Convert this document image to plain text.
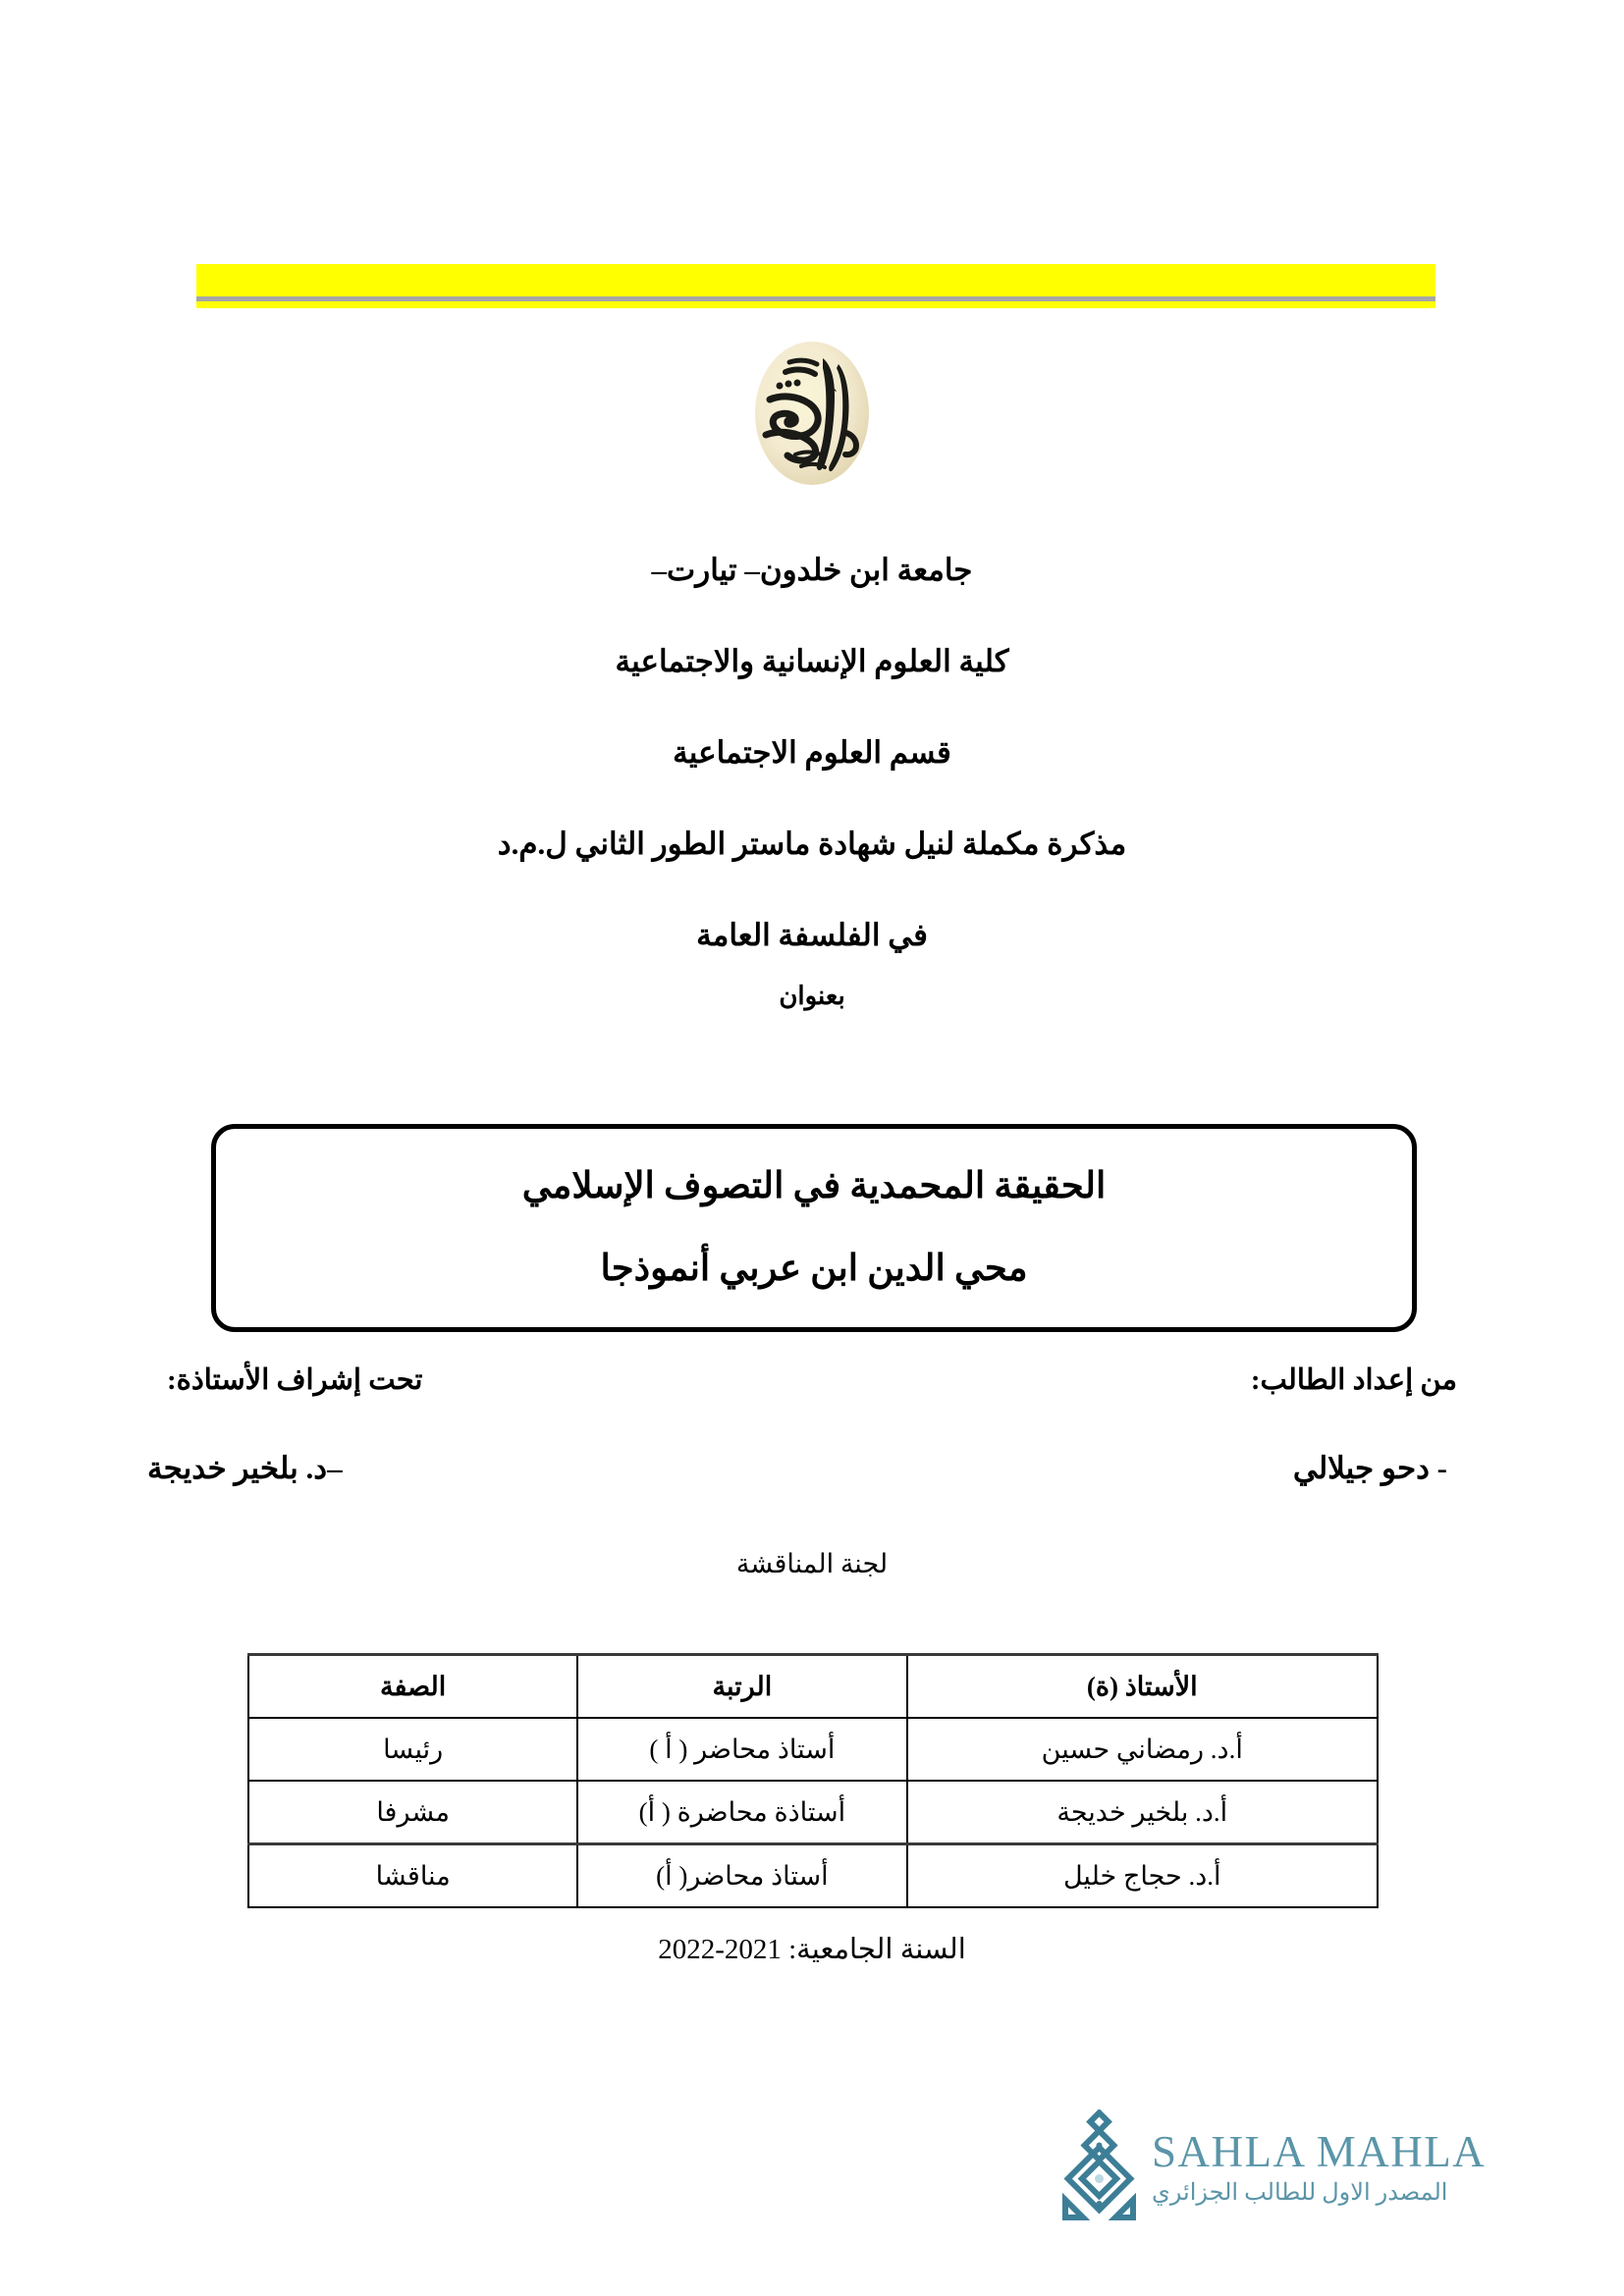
جامعة ابن خلدون– تيارت–
كلية العلوم الإنسانية والاجتماعية
قسم العلوم الاجتماعية
مذكرة مكملة لنيل شهادة ماستر الطور الثاني ل.م.د
في الفلسفة العامة
بعنوان
الحقيقة المحمدية في التصوف الإسلامي
محي الدين ابن عربي أنموذجا
من إعداد الطالب:
تحت إشراف الأستاذة:
- دحو جيلالي
–د. بلخير خديجة
لجنة المناقشة
الأستاذ (ة)	الرتبة	الصفة
أ.د. رمضاني حسين	أستاذ محاضر ( أ )	رئيسا
أ.د. بلخير خديجة	أستاذة محاضرة ( أ)	مشرفا
أ.د. حجاج خليل	أستاذ محاضر( أ)	مناقشا
السنة الجامعية: 2021-2022
SAHLA MAHLA
المصدر الاول للطالب الجزائري
